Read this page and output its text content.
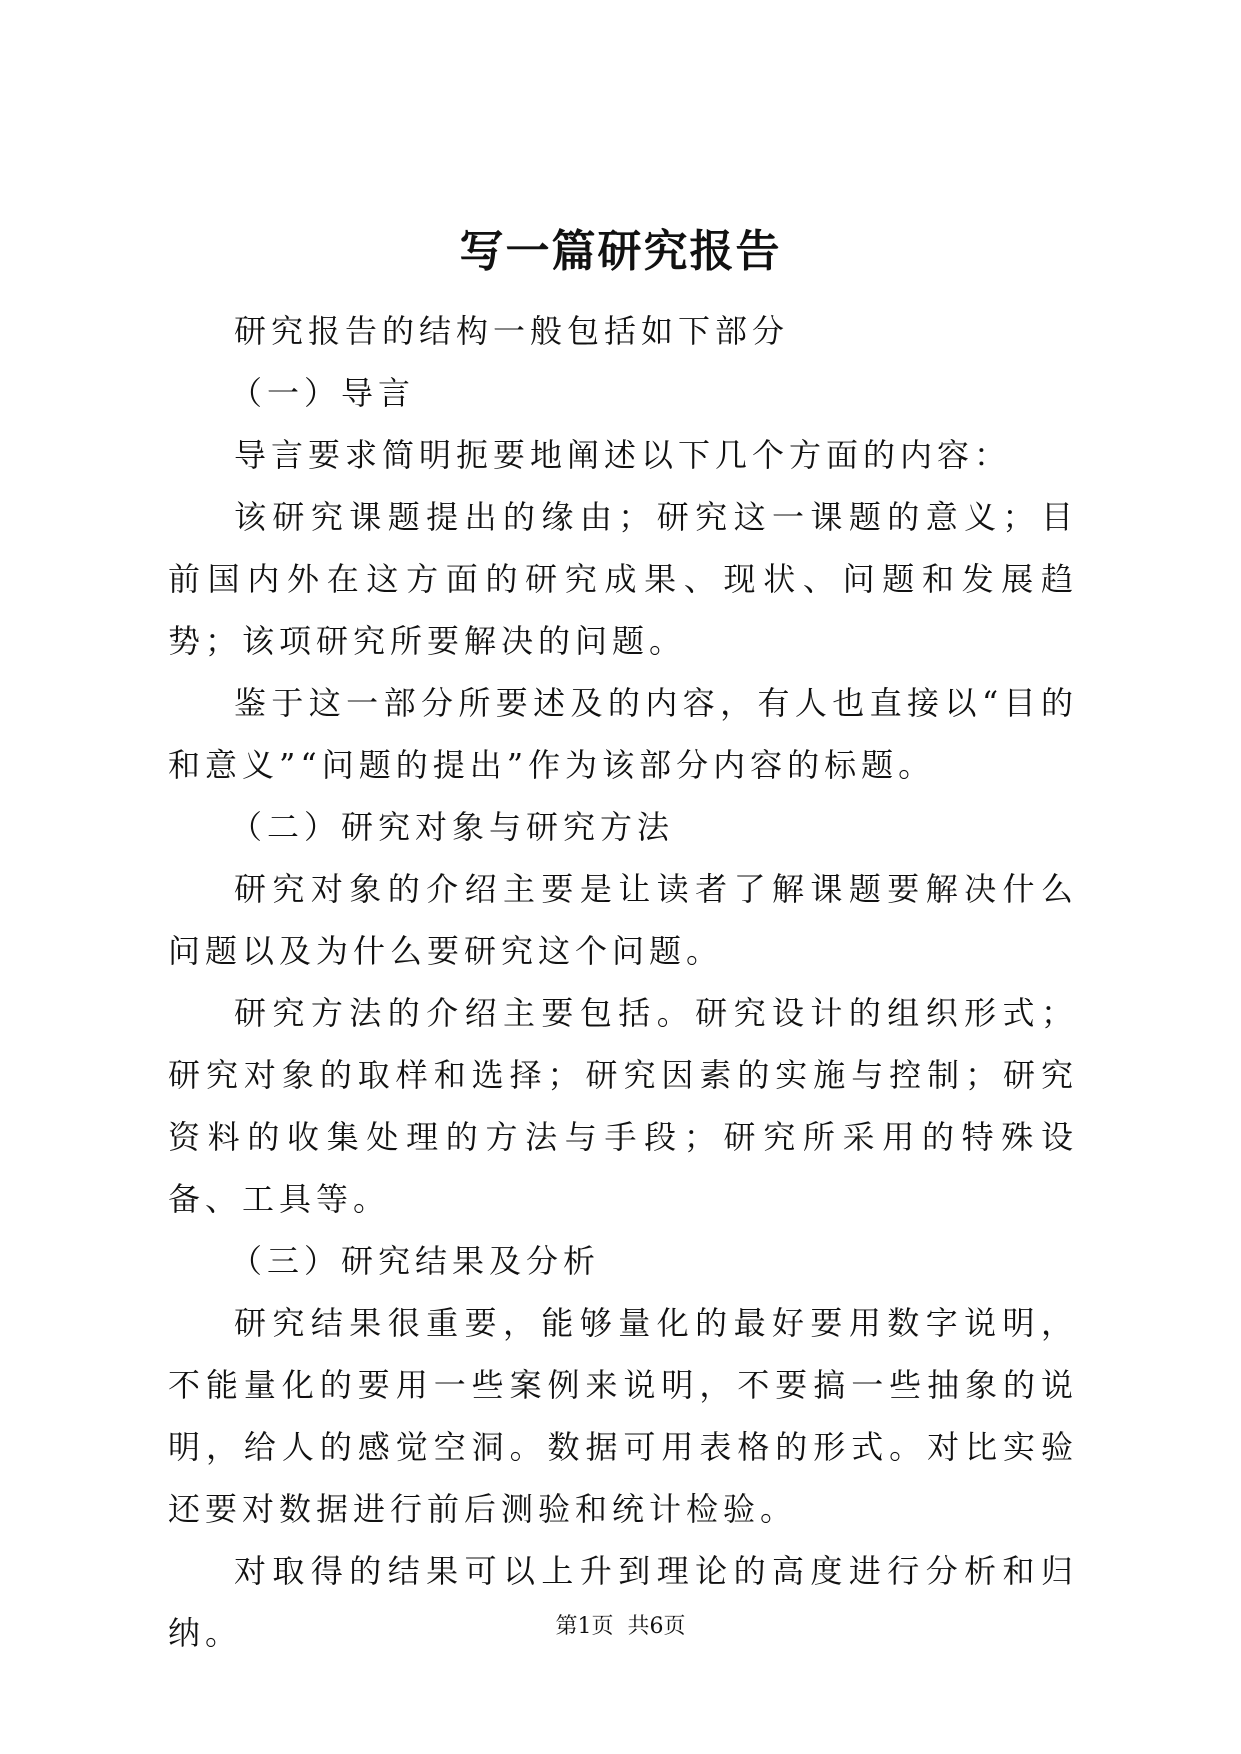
写一篇研究报告

研究报告的结构一般包括如下部分

（一）导言

导言要求简明扼要地阐述以下几个方面的内容：

该研究课题提出的缘由；研究这一课题的意义；目前国内外在这方面的研究成果、现状、问题和发展趋势；该项研究所要解决的问题。

鉴于这一部分所要述及的内容，有人也直接以“目的和意义”“问题的提出”作为该部分内容的标题。

（二）研究对象与研究方法

研究对象的介绍主要是让读者了解课题要解决什么问题以及为什么要研究这个问题。

研究方法的介绍主要包括。研究设计的组织形式；研究对象的取样和选择；研究因素的实施与控制；研究资料的收集处理的方法与手段；研究所采用的特殊设备、工具等。

（三）研究结果及分析

研究结果很重要，能够量化的最好要用数字说明，不能量化的要用一些案例来说明，不要搞一些抽象的说明，给人的感觉空洞。数据可用表格的形式。对比实验还要对数据进行前后测验和统计检验。

对取得的结果可以上升到理论的高度进行分析和归纳。	第1页 共6页
